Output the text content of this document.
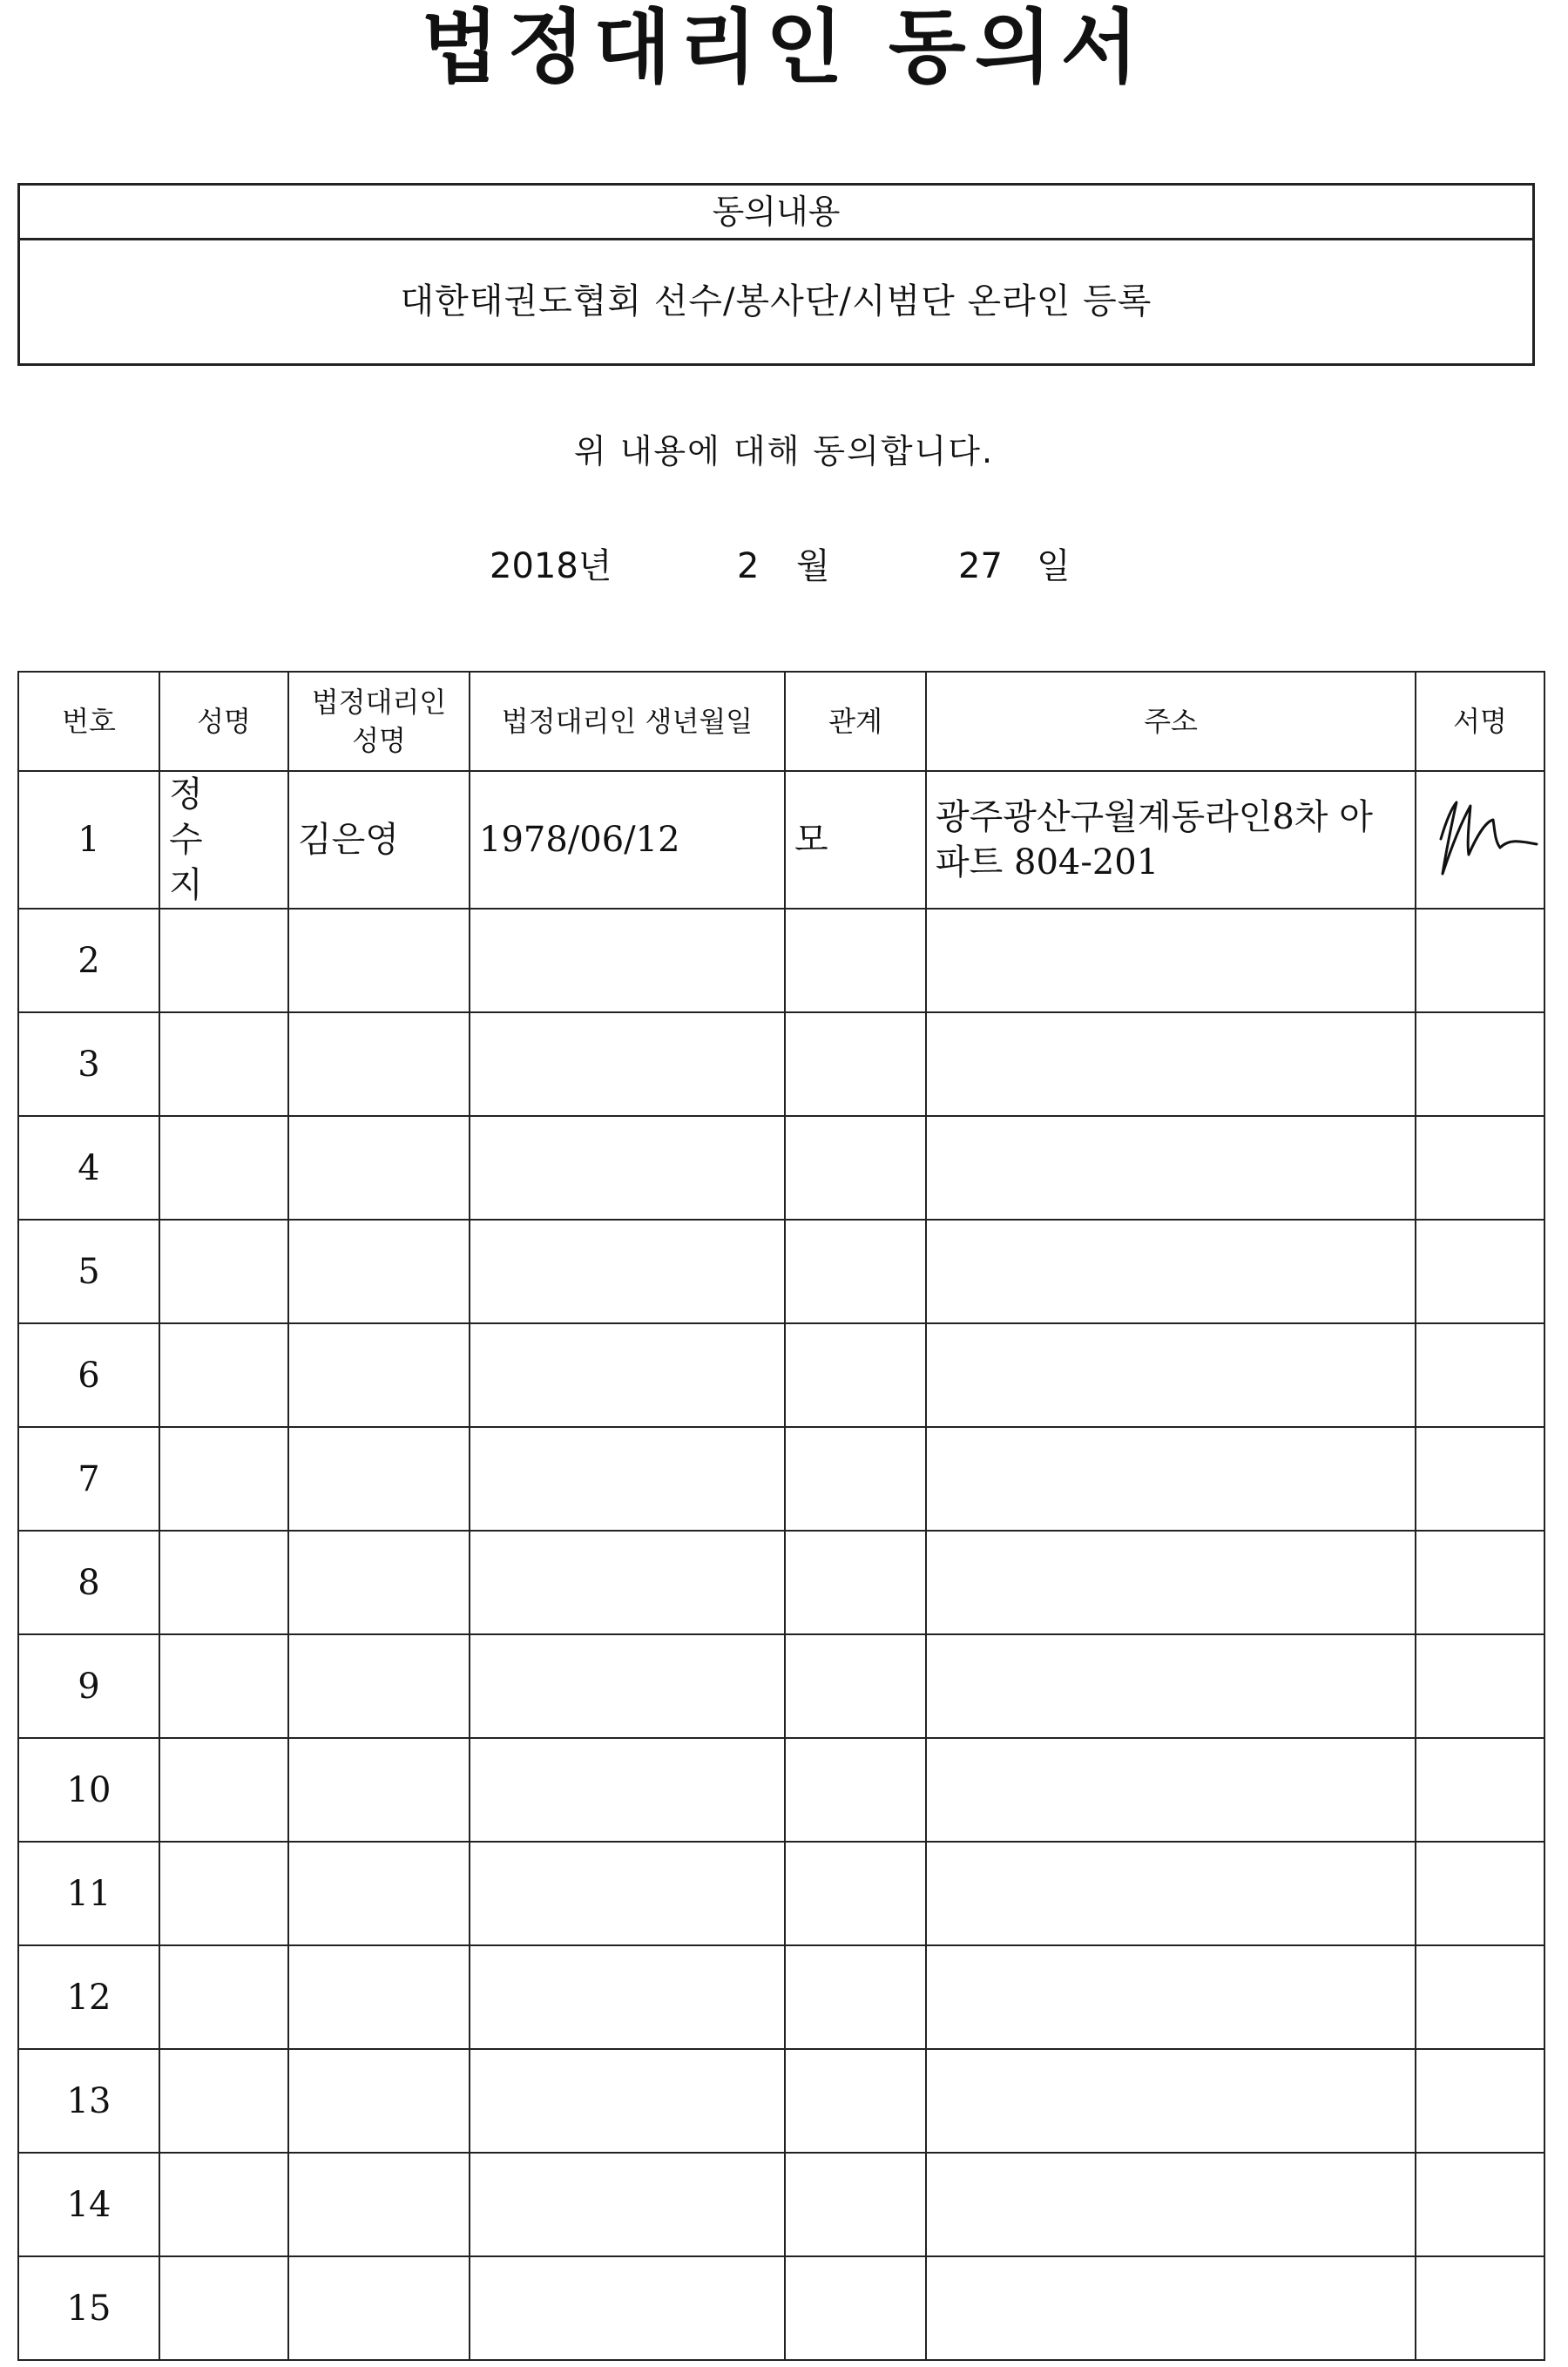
법정대리인 동의서
동의내용
대한태권도협회 선수/봉사단/시범단 온라인 등록
위 내용에 대해 동의합니다.
2018년	2 월	27 일
번호	성명	법정대리인 성명	법정대리인 생년월일	관계	주소	서명
1	정 수 지	김은영	1978/06/12	모	광주광산구월계동라인8차 아파트 804-201	
2						
3						
4						
5						
6						
7						
8						
9						
10						
11						
12						
13						
14						
15						
